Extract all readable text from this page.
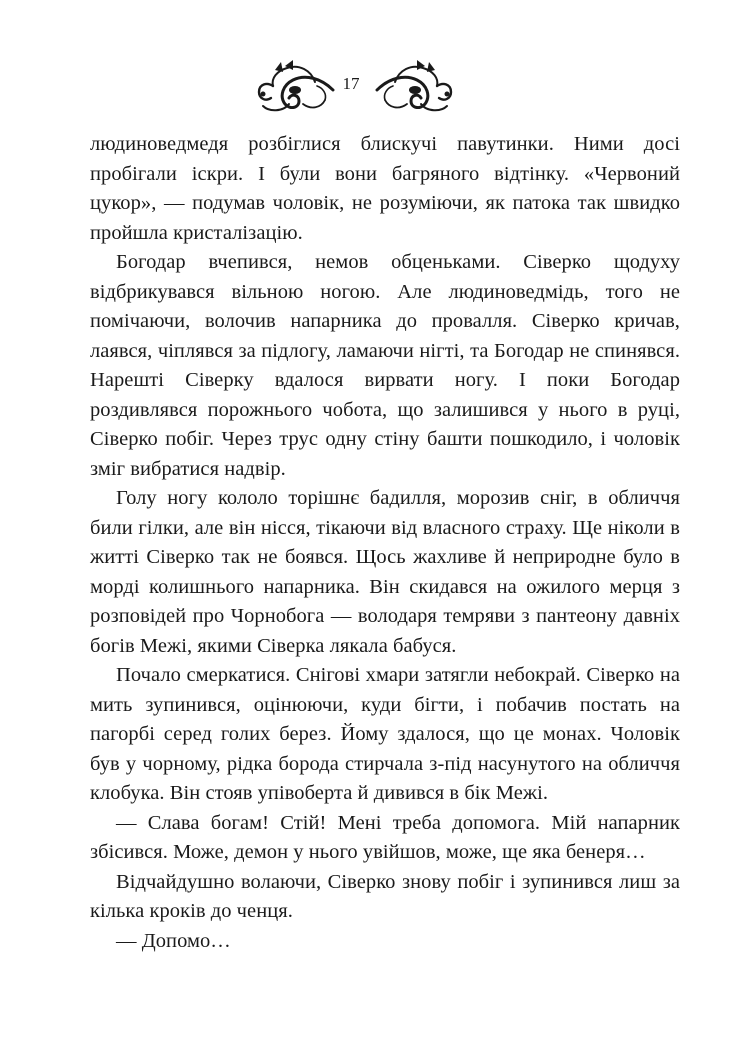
17

людиноведмедя розбіглися блискучі павутинки. Ними досі пробігали іскри. І були вони багряного відтінку. «Червоний цукор», — подумав чоловік, не розуміючи, як патока так швидко пройшла кристалізацію.

Богодар вчепився, немов обценьками. Сіверко щодуху відбрикувався вільною ногою. Але людиноведмідь, того не помічаючи, волочив напарника до провалля. Сіверко кричав, лаявся, чіплявся за підлогу, ламаючи нігті, та Богодар не спинявся. Нарешті Сіверку вдалося вирвати ногу. І поки Богодар роздивлявся порожнього чобота, що залишився у нього в руці, Сіверко побіг. Через трус одну стіну башти пошкодило, і чоловік зміг вибратися надвір.

Голу ногу кололо торішнє бадилля, морозив сніг, в обличчя били гілки, але він нісся, тікаючи від власного страху. Ще ніколи в житті Сіверко так не боявся. Щось жахливе й неприродне було в морді колишнього напарника. Він скидався на ожилого мерця з розповідей про Чорнобога — володаря темряви з пантеону давніх богів Межі, якими Сіверка лякала бабуся.

Почало смеркатися. Снігові хмари затягли небокрай. Сіверко на мить зупинився, оцінюючи, куди бігти, і побачив постать на пагорбі серед голих берез. Йому здалося, що це монах. Чоловік був у чорному, рідка борода стирчала з-під насунутого на обличчя клобука. Він стояв упівоберта й дивився в бік Межі.

— Слава богам! Стій! Мені треба допомога. Мій напарник збісився. Може, демон у нього увійшов, може, ще яка бенеря…

Відчайдушно волаючи, Сіверко знову побіг і зупинився лиш за кілька кроків до ченця.

— Допомо…
